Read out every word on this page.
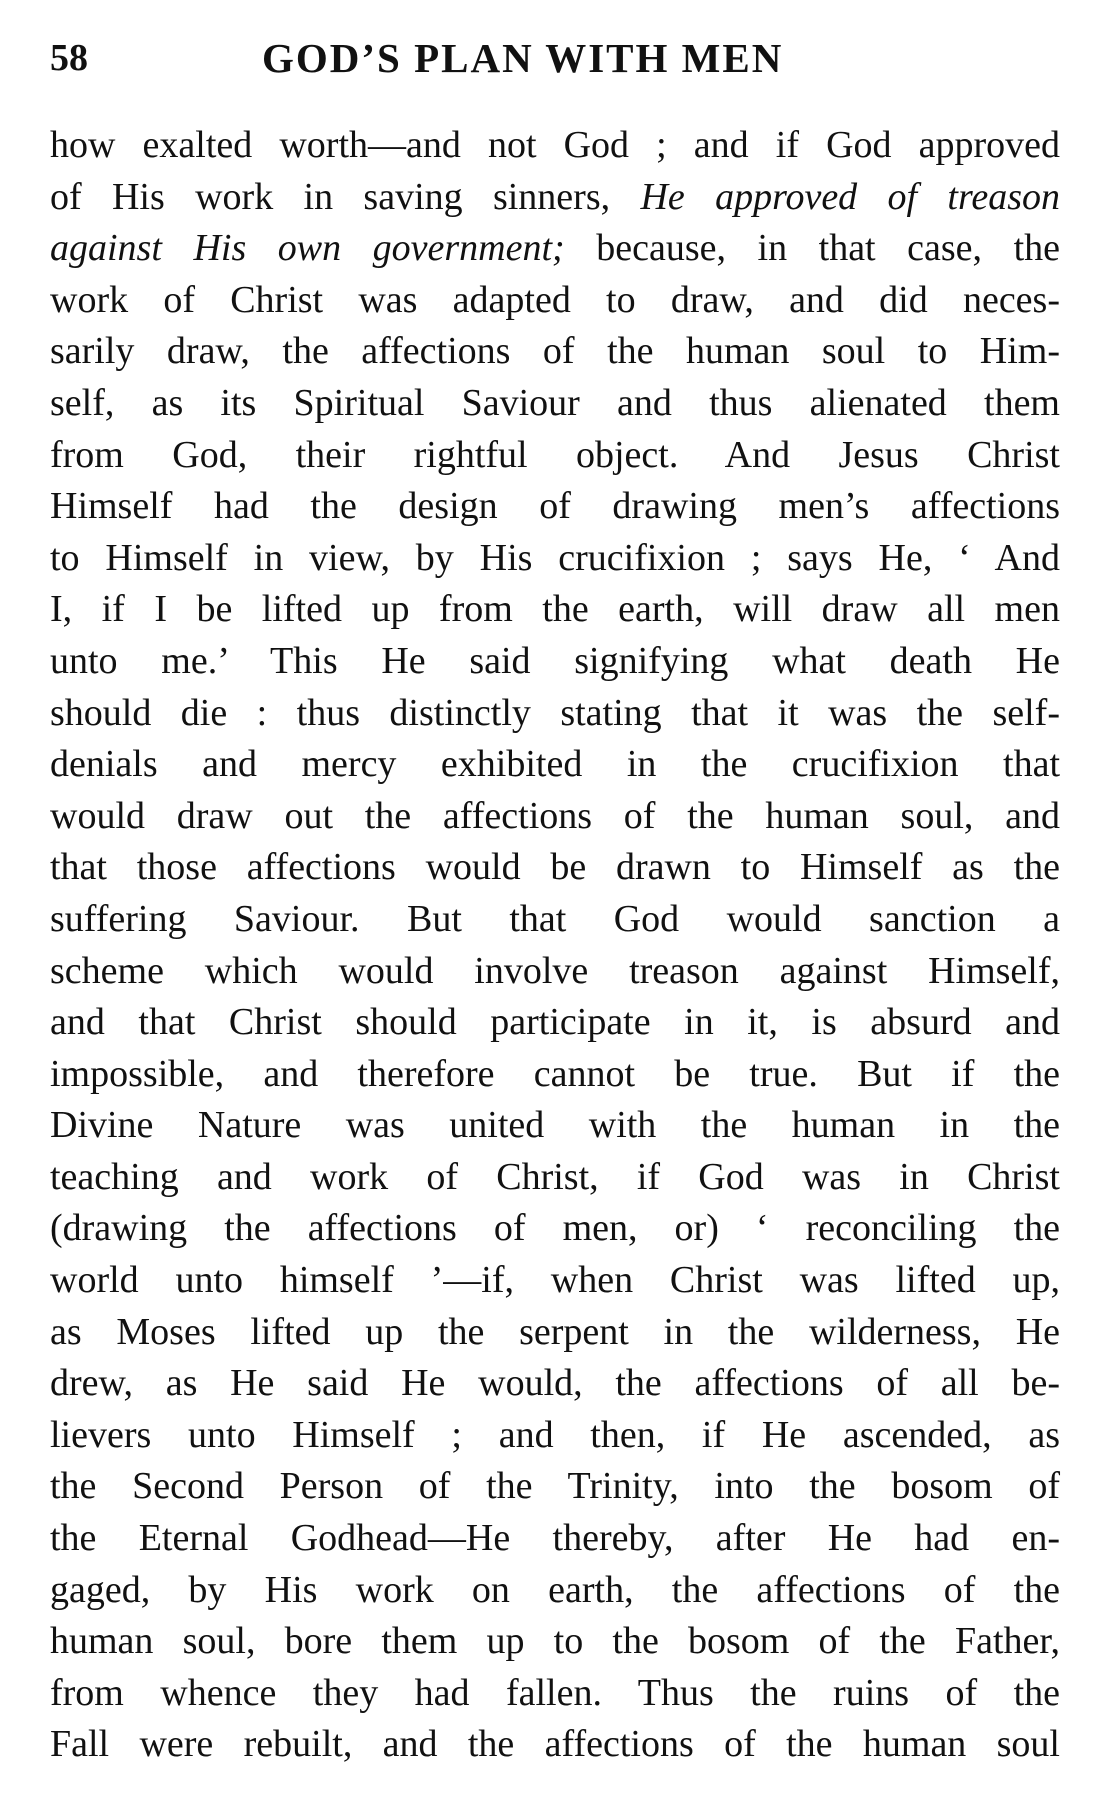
58	GOD’S PLAN WITH MEN
how exalted worth—and not God ; and if God approved
of His work in saving sinners, He approved of treason
against His own government; because, in that case, the
work of Christ was adapted to draw, and did neces-
sarily draw, the affections of the human soul to Him-
self, as its Spiritual Saviour and thus alienated them
from God, their rightful object. And Jesus Christ
Himself had the design of drawing men’s affections
to Himself in view, by His crucifixion ; says He, ‘ And
I, if I be lifted up from the earth, will draw all men
unto me.’ This He said signifying what death He
should die : thus distinctly stating that it was the self-
denials and mercy exhibited in the crucifixion that
would draw out the affections of the human soul, and
that those affections would be drawn to Himself as the
suffering Saviour. But that God would sanction a
scheme which would involve treason against Himself,
and that Christ should participate in it, is absurd and
impossible, and therefore cannot be true. But if the
Divine Nature was united with the human in the
teaching and work of Christ, if God was in Christ
(drawing the affections of men, or) ‘ reconciling the
world unto himself ’—if, when Christ was lifted up,
as Moses lifted up the serpent in the wilderness, He
drew, as He said He would, the affections of all be-
lievers unto Himself ; and then, if He ascended, as
the Second Person of the Trinity, into the bosom of
the Eternal Godhead—He thereby, after He had en-
gaged, by His work on earth, the affections of the
human soul, bore them up to the bosom of the Father,
from whence they had fallen. Thus the ruins of the
Fall were rebuilt, and the affections of the human soul
